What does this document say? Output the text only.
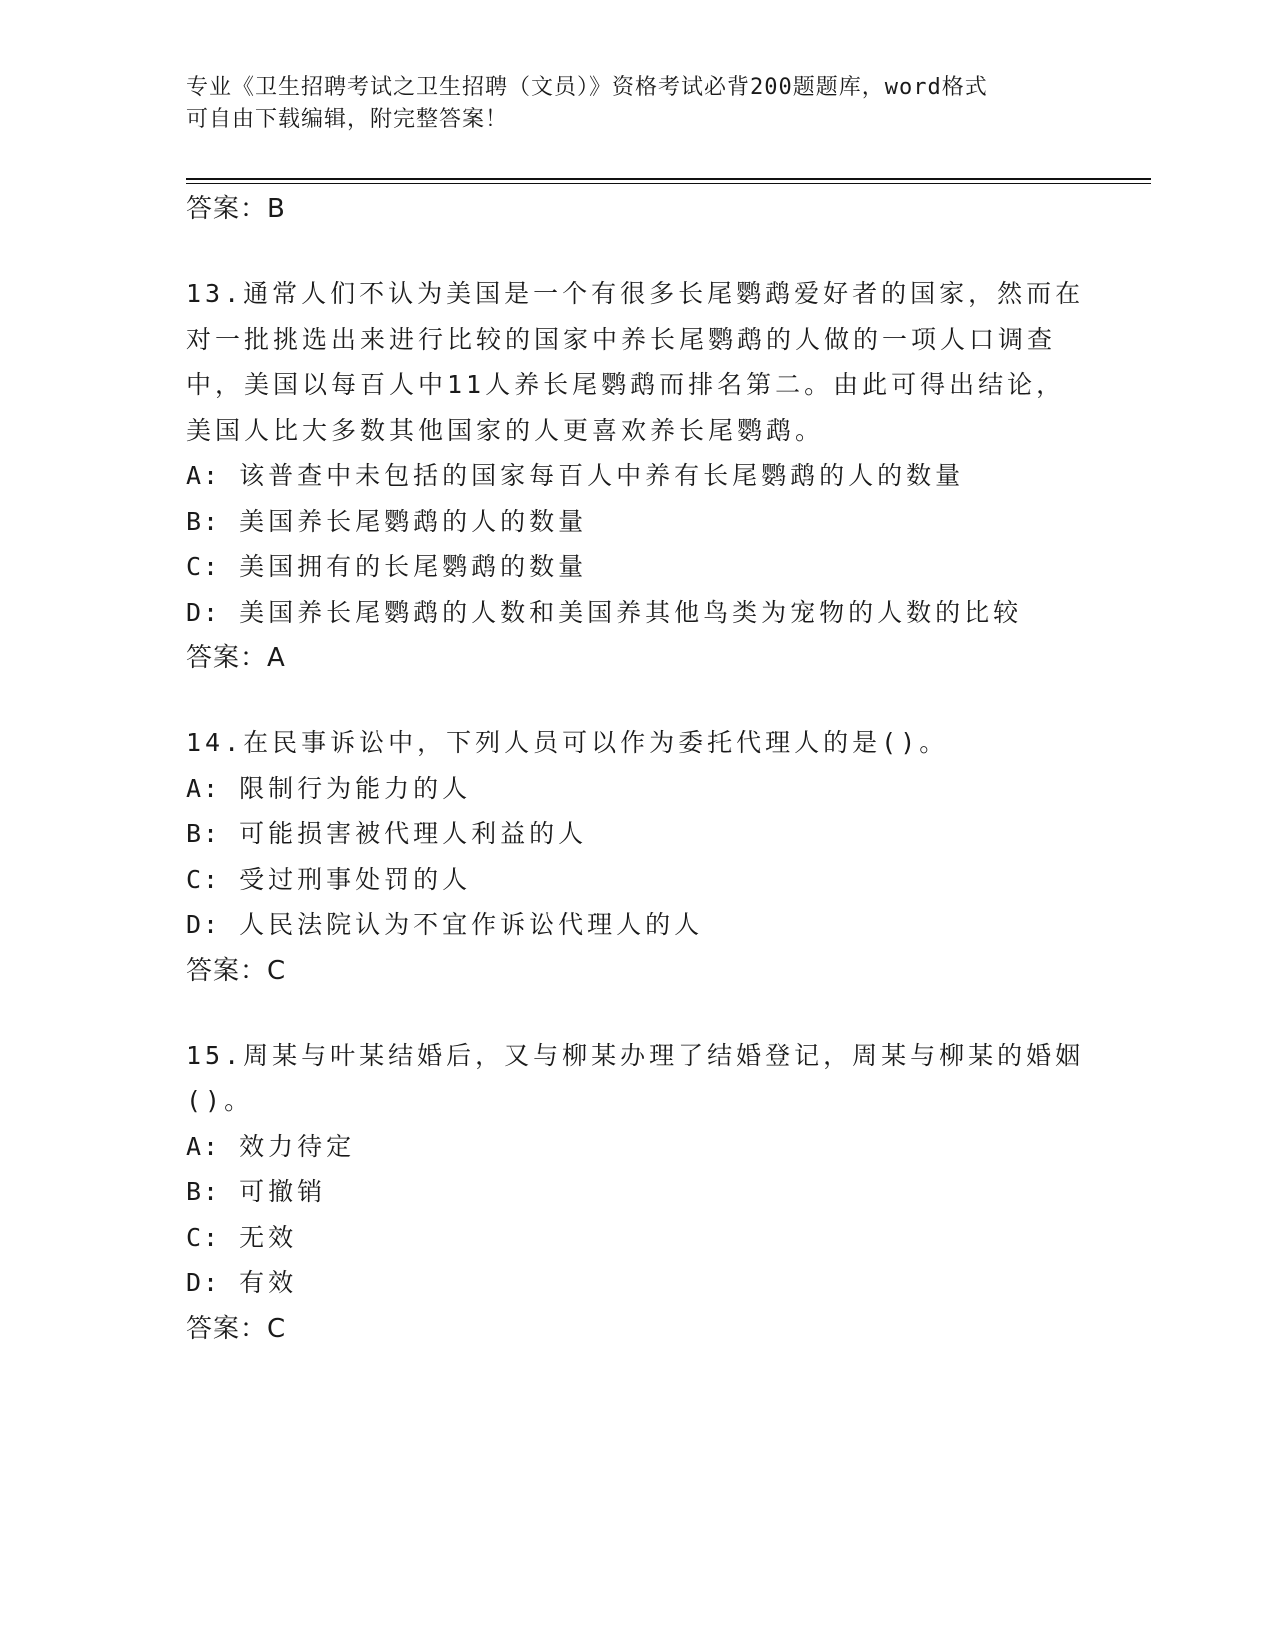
专业《卫生招聘考试之卫生招聘（文员）》资格考试必背200题题库，word格式
可自由下载编辑，附完整答案！
答案：B
13.通常人们不认为美国是一个有很多长尾鹦鹉爱好者的国家，然而在
对一批挑选出来进行比较的国家中养长尾鹦鹉的人做的一项人口调查
中，美国以每百人中11人养长尾鹦鹉而排名第二。由此可得出结论，
美国人比大多数其他国家的人更喜欢养长尾鹦鹉。
A: 该普查中未包括的国家每百人中养有长尾鹦鹉的人的数量
B: 美国养长尾鹦鹉的人的数量
C: 美国拥有的长尾鹦鹉的数量
D: 美国养长尾鹦鹉的人数和美国养其他鸟类为宠物的人数的比较
答案：A
14.在民事诉讼中，下列人员可以作为委托代理人的是()。
A: 限制行为能力的人
B: 可能损害被代理人利益的人
C: 受过刑事处罚的人
D: 人民法院认为不宜作诉讼代理人的人
答案：C
15.周某与叶某结婚后，又与柳某办理了结婚登记，周某与柳某的婚姻
()。
A: 效力待定
B: 可撤销
C: 无效
D: 有效
答案：C
